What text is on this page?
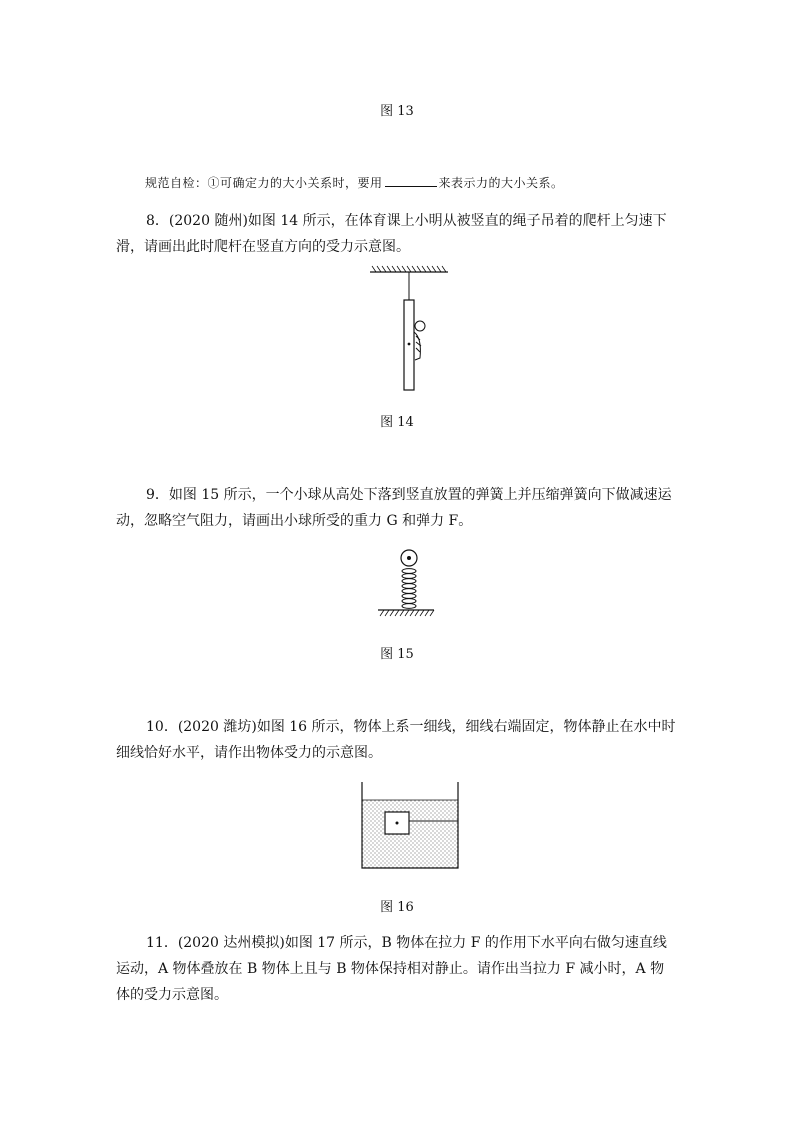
图 13
规范自检：①可确定力的大小关系时，要用	来表示力的大小关系。
8．(2020 随州)如图 14 所示，在体育课上小明从被竖直的绳子吊着的爬杆上匀速下滑，请画出此时爬杆在竖直方向的受力示意图。
图 14
9．如图 15 所示，一个小球从高处下落到竖直放置的弹簧上并压缩弹簧向下做减速运动，忽略空气阻力，请画出小球所受的重力 G 和弹力 F。
图 15
10．(2020 潍坊)如图 16 所示，物体上系一细线，细线右端固定，物体静止在水中时细线恰好水平，请作出物体受力的示意图。
图 16
11．(2020 达州模拟)如图 17 所示，B 物体在拉力 F 的作用下水平向右做匀速直线运动，A 物体叠放在 B 物体上且与 B 物体保持相对静止。请作出当拉力 F 减小时，A 物体的受力示意图。
